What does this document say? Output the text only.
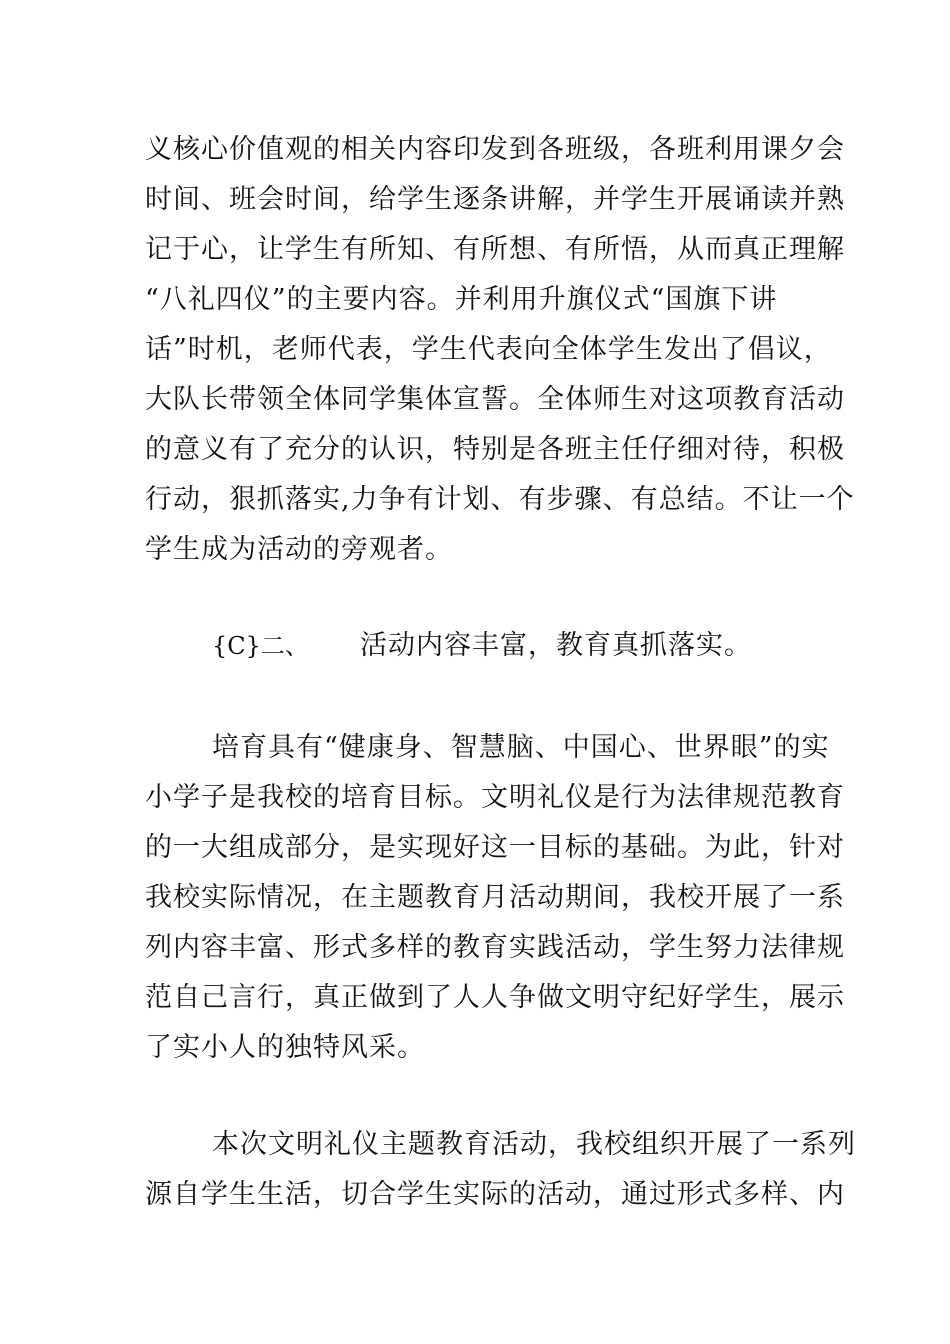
义核心价值观的相关内容印发到各班级，各班利用课夕会
时间、班会时间，给学生逐条讲解，并学生开展诵读并熟
记于心，让学生有所知、有所想、有所悟，从而真正理解
“八礼四仪”的主要内容。并利用升旗仪式“国旗下讲
话”时机，老师代表，学生代表向全体学生发出了倡议，
大队长带领全体同学集体宣誓。全体师生对这项教育活动
的意义有了充分的认识，特别是各班主任仔细对待，积极
行动，狠抓落实,力争有计划、有步骤、有总结。不让一个
学生成为活动的旁观者。
{C}二、 活动内容丰富，教育真抓落实。
培育具有“健康身、智慧脑、中国心、世界眼”的实
小学子是我校的培育目标。文明礼仪是行为法律规范教育
的一大组成部分，是实现好这一目标的基础。为此，针对
我校实际情况，在主题教育月活动期间，我校开展了一系
列内容丰富、形式多样的教育实践活动，学生努力法律规
范自己言行，真正做到了人人争做文明守纪好学生，展示
了实小人的独特风采。
本次文明礼仪主题教育活动，我校组织开展了一系列
源自学生生活，切合学生实际的活动，通过形式多样、内
